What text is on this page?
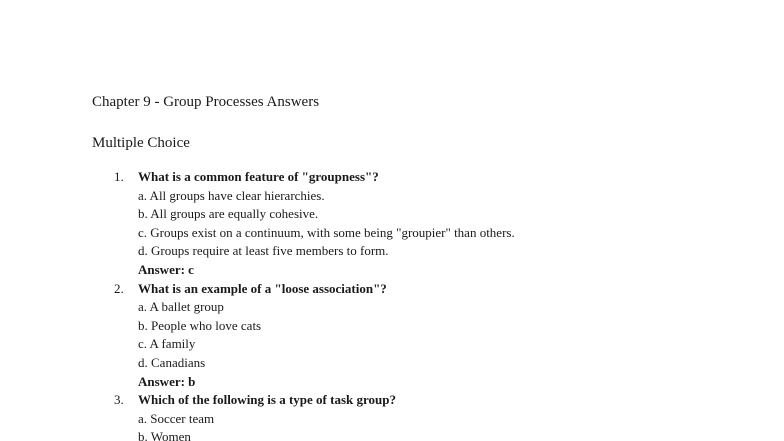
Chapter 9 - Group Processes Answers
Multiple Choice
1. What is a common feature of "groupness"?
a. All groups have clear hierarchies.
b. All groups are equally cohesive.
c. Groups exist on a continuum, with some being "groupier" than others.
d. Groups require at least five members to form.
Answer: c
2. What is an example of a "loose association"?
a. A ballet group
b. People who love cats
c. A family
d. Canadians
Answer: b
3. Which of the following is a type of task group?
a. Soccer team
b. Women
